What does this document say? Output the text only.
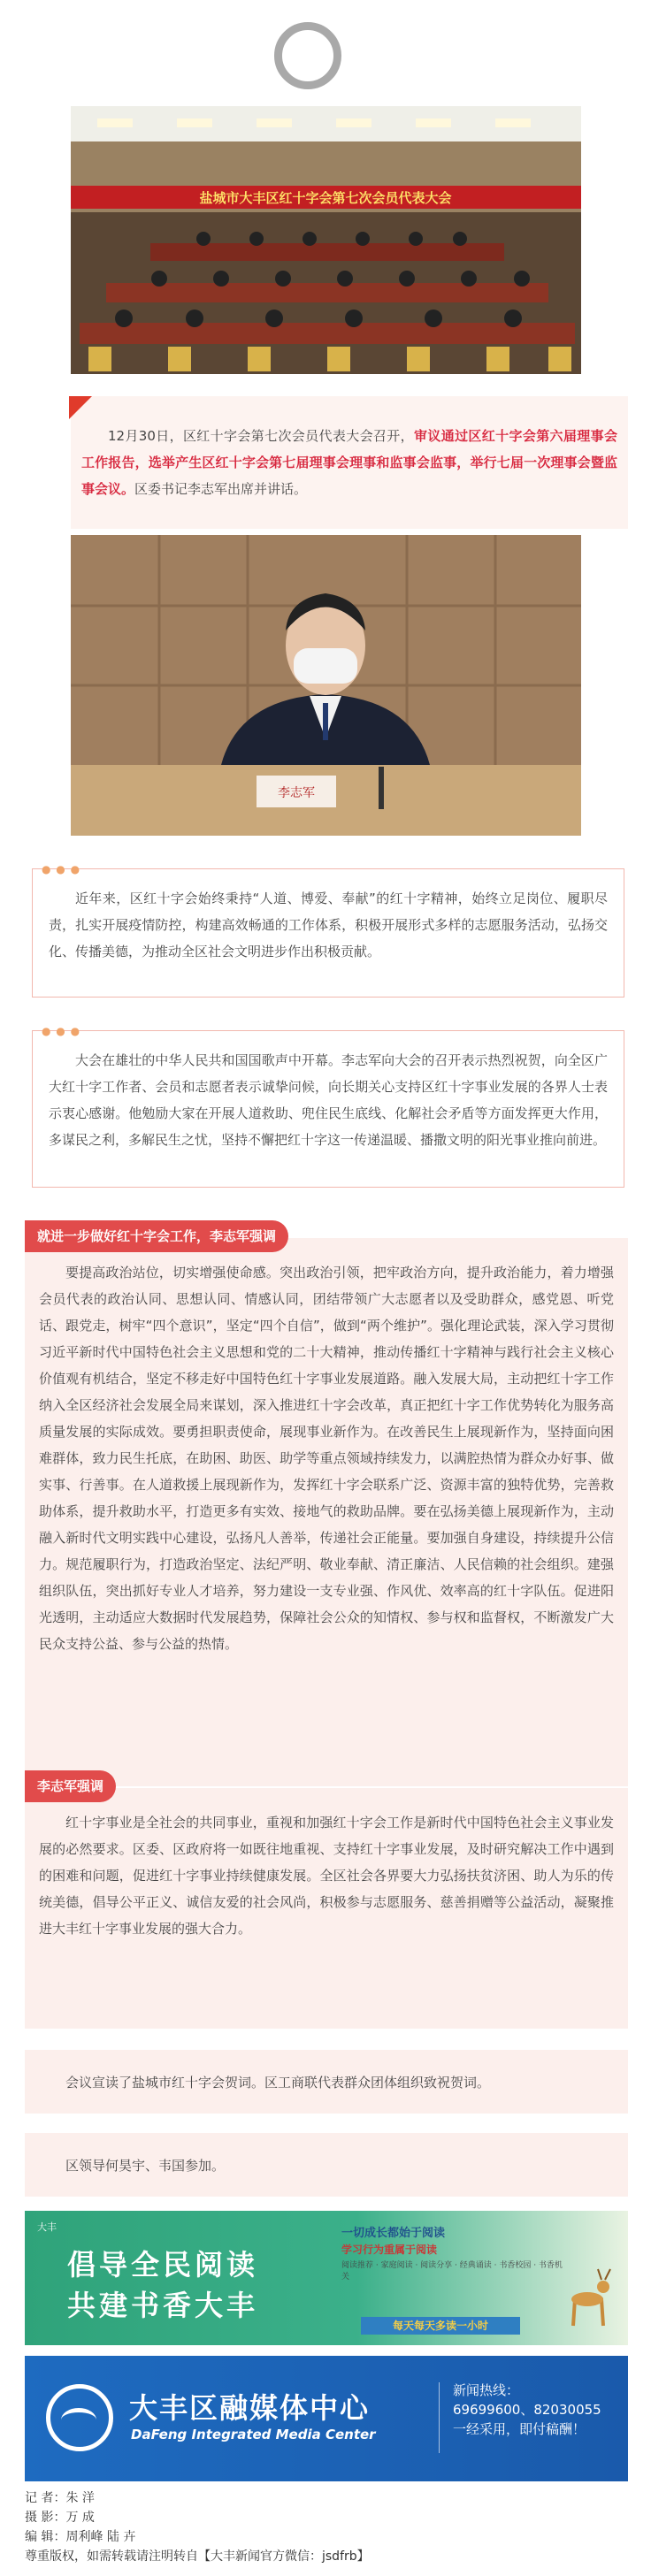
盐城市大丰区红十字会第七次会员代表大会

12月30日，区红十字会第七次会员代表大会召开，审议通过区红十字会第六届理事会工作报告，选举产生区红十字会第七届理事会理事和监事会监事，举行七届一次理事会暨监事会议。区委书记李志军出席并讲话。

李志军
● ● ●

近年来，区红十字会始终秉持“人道、博爱、奉献”的红十字精神，始终立足岗位、履职尽责，扎实开展疫情防控，构建高效畅通的工作体系，积极开展形式多样的志愿服务活动，弘扬交化、传播美德，为推动全区社会文明进步作出积极贡献。

● ● ●

大会在雄壮的中华人民共和国国歌声中开幕。李志军向大会的召开表示热烈祝贺，向全区广大红十字工作者、会员和志愿者表示诚挚问候，向长期关心支持区红十字事业发展的各界人士表示衷心感谢。他勉励大家在开展人道救助、兜住民生底线、化解社会矛盾等方面发挥更大作用，多谋民之利，多解民生之忧，坚持不懈把红十字这一传递温暖、播撒文明的阳光事业推向前进。

要提高政治站位，切实增强使命感。突出政治引领，把牢政治方向，提升政治能力，着力增强会员代表的政治认同、思想认同、情感认同，团结带领广大志愿者以及受助群众，感党恩、听党话、跟党走，树牢“四个意识”，坚定“四个自信”，做到“两个维护”。强化理论武装，深入学习贯彻习近平新时代中国特色社会主义思想和党的二十大精神，推动传播红十字精神与践行社会主义核心价值观有机结合，坚定不移走好中国特色红十字事业发展道路。融入发展大局，主动把红十字工作纳入全区经济社会发展全局来谋划，深入推进红十字会改革，真正把红十字工作优势转化为服务高质量发展的实际成效。要勇担职责使命，展现事业新作为。在改善民生上展现新作为，坚持面向困难群体，致力民生托底，在助困、助医、助学等重点领域持续发力，以满腔热情为群众办好事、做实事、行善事。在人道救援上展现新作为，发挥红十字会联系广泛、资源丰富的独特优势，完善救助体系，提升救助水平，打造更多有实效、接地气的救助品牌。要在弘扬美德上展现新作为，主动融入新时代文明实践中心建设，弘扬凡人善举，传递社会正能量。要加强自身建设，持续提升公信力。规范履职行为，打造政治坚定、法纪严明、敬业奉献、清正廉洁、人民信赖的社会组织。建强组织队伍，突出抓好专业人才培养，努力建设一支专业强、作风优、效率高的红十字队伍。促进阳光透明，主动适应大数据时代发展趋势，保障社会公众的知情权、参与权和监督权，不断激发广大民众支持公益、参与公益的热情。

就进一步做好红十字会工作，李志军强调

红十字事业是全社会的共同事业，重视和加强红十字会工作是新时代中国特色社会主义事业发展的必然要求。区委、区政府将一如既往地重视、支持红十字事业发展，及时研究解决工作中遇到的困难和问题，促进红十字事业持续健康发展。全区社会各界要大力弘扬扶贫济困、助人为乐的传统美德，倡导公平正义、诚信友爱的社会风尚，积极参与志愿服务、慈善捐赠等公益活动，凝聚推进大丰红十字事业发展的强大合力。

李志军强调

会议宣读了盐城市红十字会贺词。区工商联代表群众团体组织致祝贺词。

区领导何昊宇、韦国参加。

大丰
倡导全民阅读
共建书香大丰
一切成长都始于阅读
学习行为重属于阅读
阅读推荐 · 家庭阅读 · 阅读分享 · 经典诵读 · 书香校园 · 书香机关
每天每天多读一小时
大丰区融媒体中心
DaFeng Integrated Media Center
新闻热线：
69699600、82030055
一经采用，即付稿酬！
记 者：朱 洋
摄 影：万 成
编 辑：周利峰 陆 卉
尊重版权，如需转载请注明转自【大丰新闻官方微信：jsdfrb】
